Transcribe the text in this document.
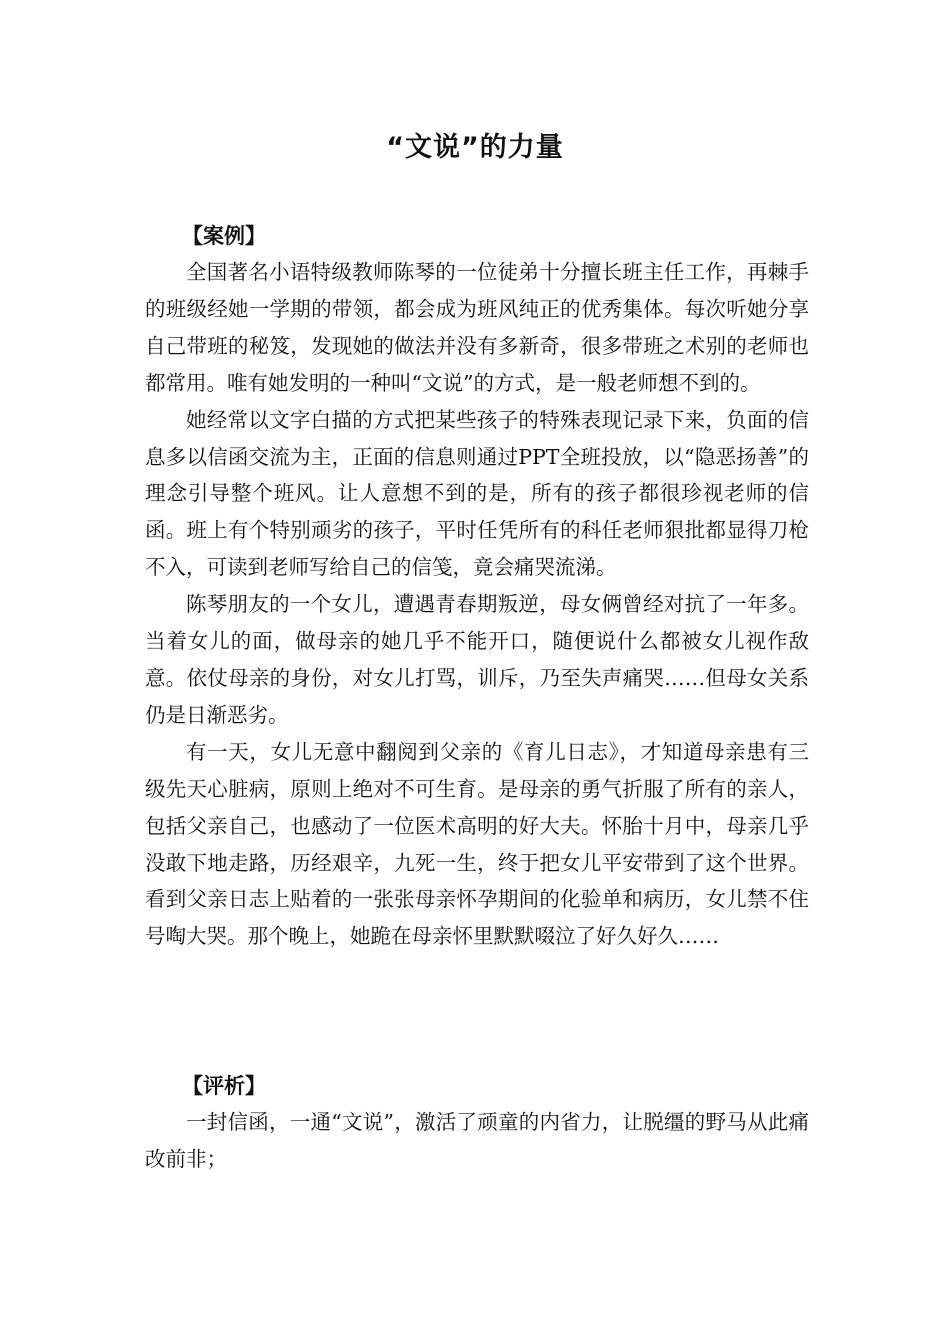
“文说”的力量
【案例】

全国著名小语特级教师陈琴的一位徒弟十分擅长班主任工作，再棘手的班级经她一学期的带领，都会成为班风纯正的优秀集体。每次听她分享自己带班的秘笈，发现她的做法并没有多新奇，很多带班之术别的老师也都常用。唯有她发明的一种叫“文说”的方式，是一般老师想不到的。

她经常以文字白描的方式把某些孩子的特殊表现记录下来，负面的信息多以信函交流为主，正面的信息则通过PPT全班投放，以“隐恶扬善”的理念引导整个班风。让人意想不到的是，所有的孩子都很珍视老师的信函。班上有个特别顽劣的孩子，平时任凭所有的科任老师狠批都显得刀枪不入，可读到老师写给自己的信笺，竟会痛哭流涕。

陈琴朋友的一个女儿，遭遇青春期叛逆，母女俩曾经对抗了一年多。当着女儿的面，做母亲的她几乎不能开口，随便说什么都被女儿视作敌意。依仗母亲的身份，对女儿打骂，训斥，乃至失声痛哭……但母女关系仍是日渐恶劣。

有一天，女儿无意中翻阅到父亲的《育儿日志》，才知道母亲患有三级先天心脏病，原则上绝对不可生育。是母亲的勇气折服了所有的亲人，包括父亲自己，也感动了一位医术高明的好大夫。怀胎十月中，母亲几乎没敢下地走路，历经艰辛，九死一生，终于把女儿平安带到了这个世界。看到父亲日志上贴着的一张张母亲怀孕期间的化验单和病历，女儿禁不住号啕大哭。那个晚上，她跪在母亲怀里默默啜泣了好久好久……

【评析】

一封信函，一通“文说”，激活了顽童的内省力，让脱缰的野马从此痛改前非；
